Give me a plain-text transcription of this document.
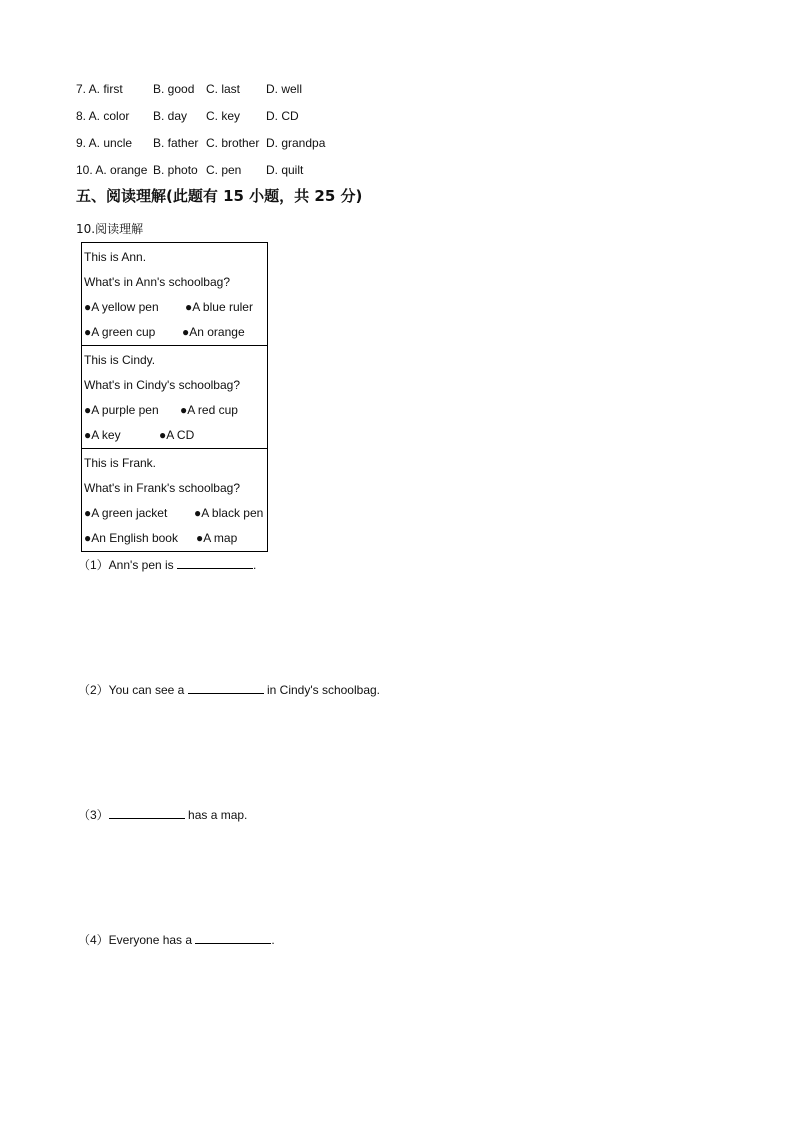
7. A. first	B. good C. last D. well
8. A. color B. day C. key D. CD
9. A. uncle B. father C. brother D. grandpa
10. A. orange B. photo C. pen D. quilt
五、阅读理解(此题有 15 小题，共 25 分)
10.阅读理解
This is Ann.
What's in Ann's schoolbag?
●A yellow pen ●A blue ruler
●A green cup ●An orange
This is Cindy.
What's in Cindy's schoolbag?
●A purple pen ●A red cup
●A key	●A CD
This is Frank.
What's in Frank's schoolbag?
●A green jacket ●A black pen
●An English book ●A map
（1）Ann's pen is	.
（2）You can see a	in Cindy's schoolbag.
（3）	has a map.
（4）Everyone has a	.
